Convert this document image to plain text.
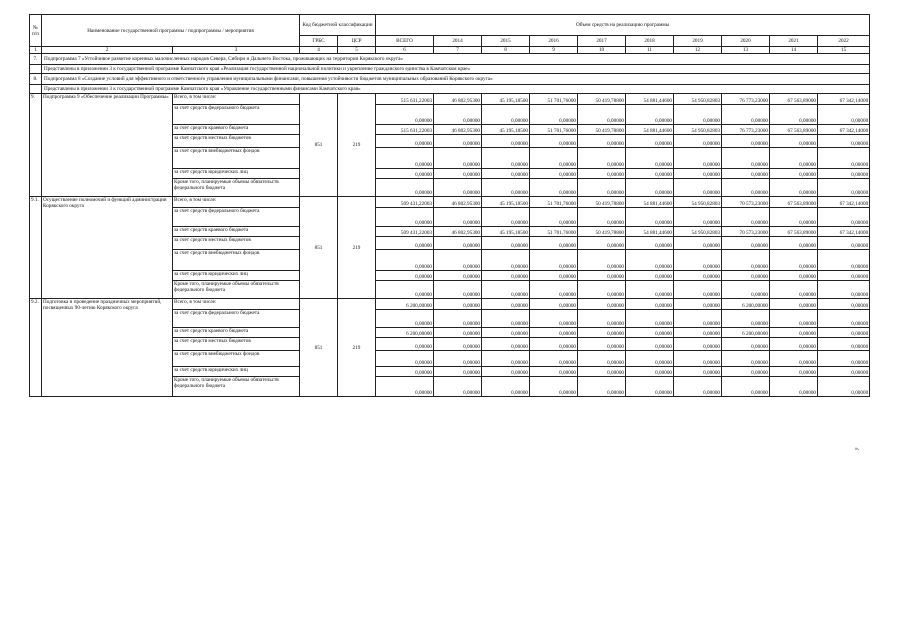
№ п/п	Наименование государственной программы / подпрограммы / мероприятия		Код бюджетной классификации		Объем средств на реализацию программы									
			ГРБС	ЦСР	ВСЕГО	2014	2015	2016	2017	2018	2019	2020	2021	2022
1	2	3	4	5	6	7	8	9	10	11	12	13	14	15
7.	Подпрограмма 7 «Устойчивое развитие коренных малочисленных народов Севера, Сибири и Дальнего Востока, проживающих на территории Корякского округа»													
	Представлены в приложении 3 к государственной программе Камчатского края «Реализация государственной национальной политики и укрепление гражданского единства в Камчатском крае»													
8.	Подпрограмма 8 «Создание условий для эффективного и ответственного управления муниципальными финансами, повышения устойчивости бюджетов муниципальных образований Корякского округа»													
	Представлены в приложении 3 к государственной программе Камчатского края «Управление государственными финансами Камчатского края»													
9.	Подпрограмма 9 «Обеспечение реализации Программы»	Всего, в том числе:	851	219	515 631,22003	46 802,95300	45 195,18500	51 701,76000	50 419,78800	54 881,44600	54 950,82803	76 773,23000	67 563,89000	67 342,14000
		за счет средств федерального бюджета			0,00000	0,00000	0,00000	0,00000	0,00000	0,00000	0,00000	0,00000	0,00000	0,00000
		за счет средств краевого бюджета			515 631,22003	46 802,95300	45 195,18500	51 701,76000	50 419,78800	54 881,44600	54 950,82803	76 773,23000	67 563,89000	67 342,14000
		за счет средств местных бюджетов			0,00000	0,00000	0,00000	0,00000	0,00000	0,00000	0,00000	0,00000	0,00000	0,00000
		за счет средств внебюджетных фондов			0,00000	0,00000	0,00000	0,00000	0,00000	0,00000	0,00000	0,00000	0,00000	0,00000
		за счет средств юридических лиц			0,00000	0,00000	0,00000	0,00000	0,00000	0,00000	0,00000	0,00000	0,00000	0,00000
		Кроме того, планируемые объемы обязательств федерального бюджета			0,00000	0,00000	0,00000	0,00000	0,00000	0,00000	0,00000	0,00000	0,00000	0,00000
9.1.	Осуществление полномочий и функций администрации Корякского округа	Всего, в том числе:	851	219	509 431,22003	46 802,95300	45 195,18500	51 701,76000	50 419,78800	54 881,44600	54 950,82803	70 573,23000	67 563,89000	67 342,14000
		за счет средств федерального бюджета			0,00000	0,00000	0,00000	0,00000	0,00000	0,00000	0,00000	0,00000	0,00000	0,00000
		за счет средств краевого бюджета			509 431,22003	46 802,95300	45 195,18500	51 701,76000	50 419,78800	54 881,44600	54 950,82803	70 573,23000	67 563,89000	67 342,14000
		за счет средств местных бюджетов			0,00000	0,00000	0,00000	0,00000	0,00000	0,00000	0,00000	0,00000	0,00000	0,00000
		за счет средств внебюджетных фондов			0,00000	0,00000	0,00000	0,00000	0,00000	0,00000	0,00000	0,00000	0,00000	0,00000
		за счет средств юридических лиц			0,00000	0,00000	0,00000	0,00000	0,00000	0,00000	0,00000	0,00000	0,00000	0,00000
		Кроме того, планируемые объемы обязательств федерального бюджета			0,00000	0,00000	0,00000	0,00000	0,00000	0,00000	0,00000	0,00000	0,00000	0,00000
9.2.	Подготовка и проведение праздничных мероприятий, посвященных 90-летию Корякского округа	Всего, в том числе:	851	219	6 200,00000	0,00000	0,00000	0,00000	0,00000	0,00000	0,00000	6 200,00000	0,00000	0,00000
		за счет средств федерального бюджета			0,00000	0,00000	0,00000	0,00000	0,00000	0,00000	0,00000	0,00000	0,00000	0,00000
		за счет средств краевого бюджета			6 200,00000	0,00000	0,00000	0,00000	0,00000	0,00000	0,00000	6 200,00000	0,00000	0,00000
		за счет средств местных бюджетов			0,00000	0,00000	0,00000	0,00000	0,00000	0,00000	0,00000	0,00000	0,00000	0,00000
		за счет средств внебюджетных фондов			0,00000	0,00000	0,00000	0,00000	0,00000	0,00000	0,00000	0,00000	0,00000	0,00000
		за счет средств юридических лиц			0,00000	0,00000	0,00000	0,00000	0,00000	0,00000	0,00000	0,00000	0,00000	0,00000
		Кроме того, планируемые объемы обязательств федерального бюджета			0,00000	0,00000	0,00000	0,00000	0,00000	0,00000	0,00000	0,00000	0,00000	0,00000
».
